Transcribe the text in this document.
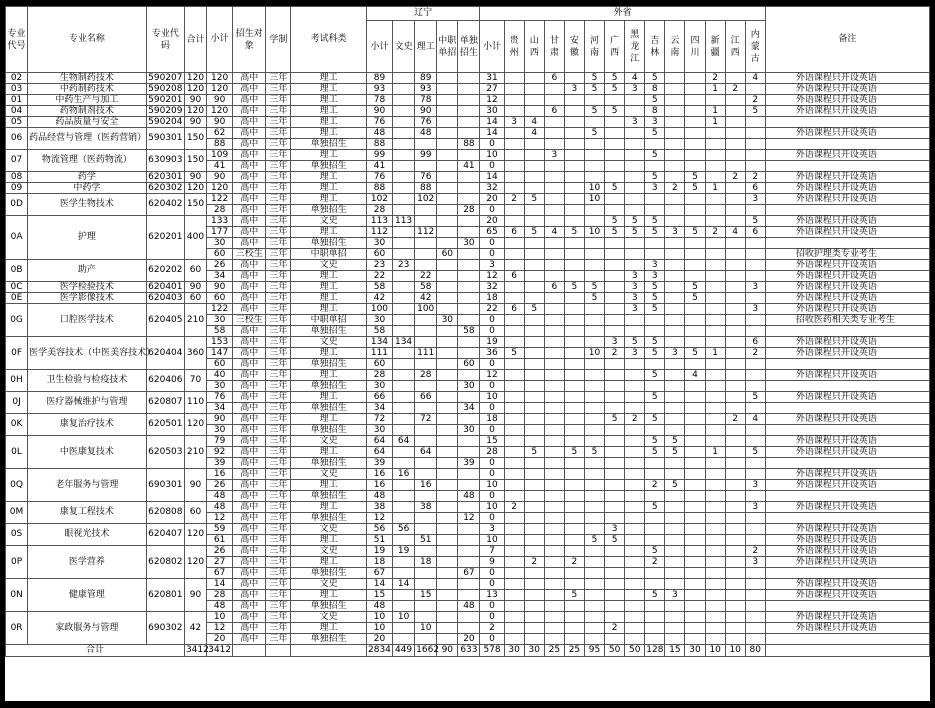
专业代号	专业名称	专业代码	合计	小计	招生对象	学制	考试科类	辽宁					外省														备注
								小计	文史	理工	中职单招	单独招生	小计	贵州	山西	甘肃	安徽	河南	广西	黑龙江	吉林	云南	四川	新疆	江西	内蒙古	
02	生物制药技术	590207	120	120	高中	三年	理工	89		89			31			6		5	5	4	5			2		4	外语课程只开设英语
03	中药制药技术	590208	120	120	高中	三年	理工	93		93			27				3	5	5	3	8			1	2		外语课程只开设英语
01	中药生产与加工	590201	90	90	高中	三年	理工	78		78			12								5					2	外语课程只开设英语
04	药物制剂技术	590209	120	120	高中	三年	理工	90		90			30			6		5	5		8			1		5	外语课程只开设英语
05	药品质量与安全	590204	90	90	高中	三年	理工	76		76			14	3	4					3	3			1			
06	药品经营与管理（医药营销）	590301	150	62	高中	三年	理工	48		48			14		4			5			5						外语课程只开设英语
				88	高中	三年	单独招生	88				88	0														
07	物流管理（医药物流）	630903	150	109	高中	三年	理工	99		99			10			3					5						外语课程只开设英语
				41	高中	三年	单独招生	41				41	0														
08	药学	620301	90	90	高中	三年	理工	76		76			14								5		5		2	2	外语课程只开设英语
09	中药学	620302	120	120	高中	三年	理工	88		88			32					10	5		3	2	5	1		6	外语课程只开设英语
0D	医学生物技术	620402	150	122	高中	三年	理工	102		102			20	2	5			10								3	外语课程只开设英语
				28	高中	三年	单独招生	28				28	0														
0A	护理	620201	400	133	高中	三年	文史	113	113				20						5	5	5					5	外语课程只开设英语
				177	高中	三年	理工	112		112			65	6	5	4	5	10	5	5	5	3	5	2	4	6	外语课程只开设英语
				30	高中	三年	单独招生	30				30	0														
				60	三校生	三年	中职单招	60			60		0														招收护理类专业考生
0B	助产	620202	60	26	高中	三年	文史	23	23				3								3						外语课程只开设英语
				34	高中	三年	理工	22		22			12	6						3	3						外语课程只开设英语
0C	医学检验技术	620401	90	90	高中	三年	理工	58		58			32			6	5	5		3	5		5			3	外语课程只开设英语
0E	医学影像技术	620403	60	60	高中	三年	理工	42		42			18					5		3	5		5				外语课程只开设英语
0G	口腔医学技术	620405	210	122	高中	三年	理工	100		100			22	6	5					3	5					3	外语课程只开设英语
				30	三校生	三年	中职单招	30			30		0														招收医药相关类专业考生
				58	高中	三年	单独招生	58				58	0														
0F	医学美容技术（中医美容技术）	620404	360	153	高中	三年	文史	134	134				19						3	5	5					6	外语课程只开设英语
				147	高中	三年	理工	111		111			36	5				10	2	3	5	3	5	1		2	外语课程只开设英语
				60	高中	三年	单独招生	60				60	0														
0H	卫生检验与检疫技术	620406	70	40	高中	三年	理工	28		28			12								5		4				外语课程只开设英语
				30	高中	三年	单独招生	30				30	0														
0J	医疗器械维护与管理	620807	110	76	高中	三年	理工	66		66			10								5					5	外语课程只开设英语
				34	高中	三年	单独招生	34				34	0														
0K	康复治疗技术	620501	120	90	高中	三年	理工	72		72			18						5	2	5				2	4	外语课程只开设英语
				30	高中	三年	单独招生	30				30	0														
0L	中医康复技术	620503	210	79	高中	三年	文史	64	64				15								5	5					外语课程只开设英语
				92	高中	三年	理工	64		64			28		5		5	5			5	5		1		5	外语课程只开设英语
				39	高中	三年	单独招生	39				39	0														
0Q	老年服务与管理	690301	90	16	高中	三年	文史	16	16				0														外语课程只开设英语
				26	高中	三年	理工	16		16			10								2	5				3	外语课程只开设英语
				48	高中	三年	单独招生	48				48	0														
0M	康复工程技术	620808	60	48	高中	三年	理工	38		38			10	2							5					3	外语课程只开设英语
				12	高中	三年	单独招生	12				12	0														
0S	眼视光技术	620407	120	59	高中	三年	文史	56	56				3						3								外语课程只开设英语
				61	高中	三年	理工	51		51			10					5	5								外语课程只开设英语
0P	医学营养	620802	120	26	高中	三年	文史	19	19				7								5					2	外语课程只开设英语
				27	高中	三年	理工	18		18			9		2		2				2					3	外语课程只开设英语
				67	高中	三年	单独招生	67				67	0														
0N	健康管理	620801	90	14	高中	三年	文史	14	14				0														外语课程只开设英语
				28	高中	三年	理工	15		15			13				5				5	3					外语课程只开设英语
				48	高中	三年	单独招生	48				48	0														
0R	家政服务与管理	690302	42	10	高中	三年	文史	10	10				0														外语课程只开设英语
				12	高中	三年	理工	10		10			2						2								外语课程只开设英语
				20	高中	三年	单独招生	20				20	0														
合计			3412	3412				2834	449	1662	90	633	578	30	30	25	25	95	50	50	128	15	30	10	10	80	
